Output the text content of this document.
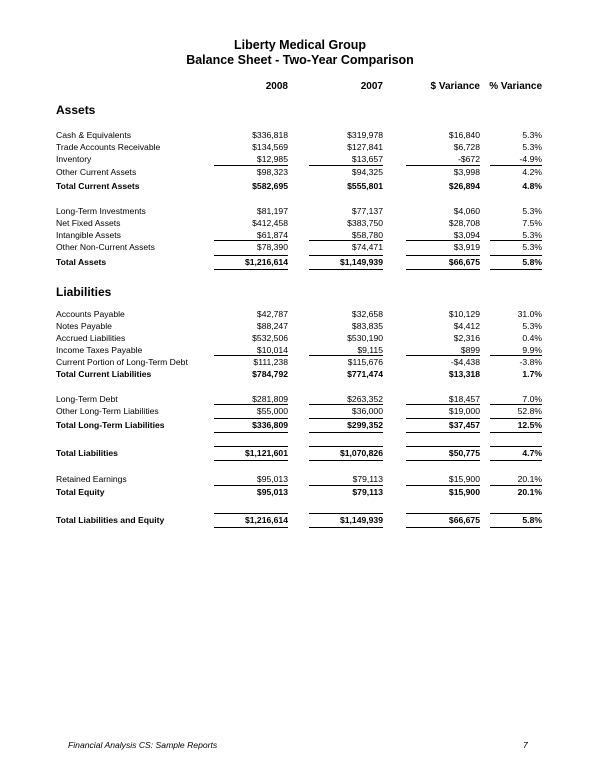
Liberty Medical Group
Balance Sheet - Two-Year Comparison
2008	2007	$ Variance % Variance
Assets
Liabilities
Cash & Equivalents	$336,818	$319,978	$16,840	5.3%
Trade Accounts Receivable	$134,569	$127,841	$6,728	5.3%
Inventory	$12,985	$13,657	-$672	-4.9%
Other Current Assets	$98,323	$94,325	$3,998	4.2%
Total Current Assets	$582,695	$555,801	$26,894	4.8%
Long-Term Investments	$81,197	$77,137	$4,060	5.3%
Net Fixed Assets	$412,458	$383,750	$28,708	7.5%
Intangible Assets	$61,874	$58,780	$3,094	5.3%
Other Non-Current Assets	$78,390	$74,471	$3,919	5.3%
Total Assets	$1,216,614	$1,149,939	$66,675	5.8%
Accounts Payable	$42,787	$32,658	$10,129	31.0%
Notes Payable	$88,247	$83,835	$4,412	5.3%
Accrued Liabilities	$532,506	$530,190	$2,316	0.4%
Income Taxes Payable	$10,014	$9,115	$899	9.9%
Current Portion of Long-Term Debt	$111,238	$115,676	-$4,438	-3.8%
Total Current Liabilities	$784,792	$771,474	$13,318	1.7%
Long-Term Debt	$281,809	$263,352	$18,457	7.0%
Other Long-Term Liabilities	$55,000	$36,000	$19,000	52.8%
Total Long-Term Liabilities	$336,809	$299,352	$37,457	12.5%
Total Liabilities	$1,121,601	$1,070,826	$50,775	4.7%
Retained Earnings	$95,013	$79,113	$15,900	20.1%
Total Equity	$95,013	$79,113	$15,900	20.1%
Total Liabilities and Equity	$1,216,614	$1,149,939	$66,675	5.8%
Financial Analysis CS: Sample Reports	7
